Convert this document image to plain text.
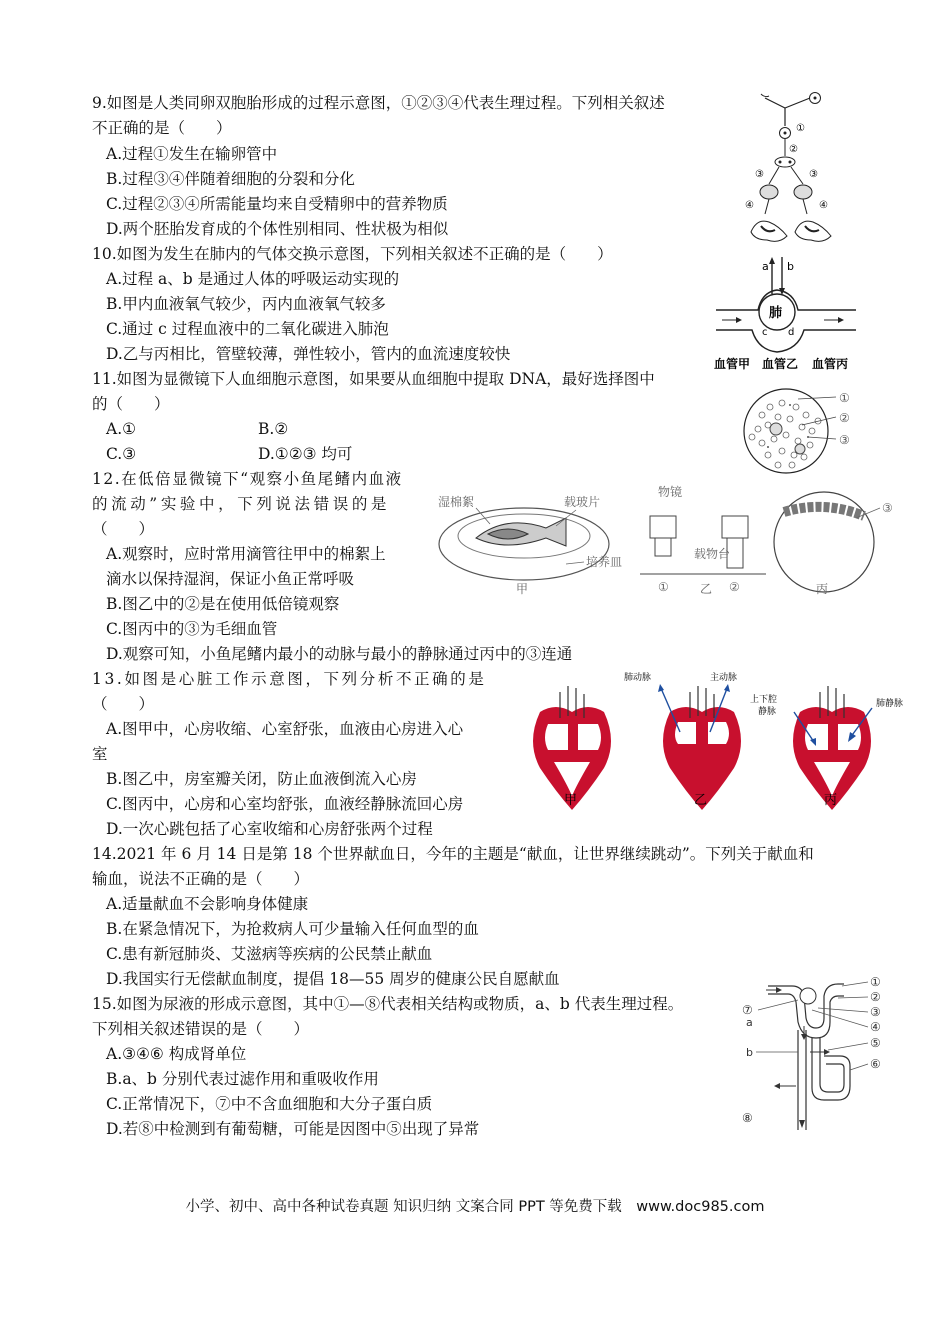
9.如图是人类同卵双胞胎形成的过程示意图，①②③④代表生理过程。下列相关叙述
不正确的是（　　）
A.过程①发生在输卵管中
B.过程③④伴随着细胞的分裂和分化
C.过程②③④所需能量均来自受精卵中的营养物质
D.两个胚胎发育成的个体性别相同、性状极为相似
①
②
③	③
④	④
10.如图为发生在肺内的气体交换示意图，下列相关叙述不正确的是（　　）
A.过程 a、b 是通过人体的呼吸运动实现的
B.甲内血液氧气较少，丙内血液氧气较多
C.通过 c 过程血液中的二氧化碳进入肺泡
D.乙与丙相比，管壁较薄，弹性较小，管内的血流速度较快
a b
肺
c d
血管甲 血管乙 血管丙
11.如图为显微镜下人血细胞示意图，如果要从血细胞中提取 DNA，最好选择图中
的（　　）
A.①	B.②
C.③	D.①②③ 均可
①
②
③
12.在低倍显微镜下“观察小鱼尾鳍内血液
的流动”实验中，下列说法错误的是
（　　）
A.观察时，应时常用滴管往甲中的棉絮上
滴水以保持湿润，保证小鱼正常呼吸
B.图乙中的②是在使用低倍镜观察
C.图丙中的③为毛细血管
D.观察可知，小鱼尾鳍内最小的动脉与最小的静脉通过丙中的③连通
湿棉絮	载玻片
培养皿
甲
物镜
载物台
①	乙 ②	丙
③
13.如图是心脏工作示意图，下列分析不正确的是
（　　）
A.图甲中，心房收缩、心室舒张，血液由心房进入心
室
B.图乙中，房室瓣关闭，防止血液倒流入心房
C.图丙中，心房和心室均舒张，血液经静脉流回心房
D.一次心跳包括了心室收缩和心房舒张两个过程
甲
肺动脉	主动脉
乙
上下腔
静脉
肺静脉
丙
14.2021 年 6 月 14 日是第 18 个世界献血日，今年的主题是“献血，让世界继续跳动”。下列关于献血和
输血，说法不正确的是（　　）
A.适量献血不会影响身体健康
B.在紧急情况下，为抢救病人可少量输入任何血型的血
C.患有新冠肺炎、艾滋病等疾病的公民禁止献血
D.我国实行无偿献血制度，提倡 18—55 周岁的健康公民自愿献血
15.如图为尿液的形成示意图，其中①—⑧代表相关结构或物质，a、b 代表生理过程。
下列相关叙述错误的是（　　）
A.③④⑥ 构成肾单位
B.a、b 分别代表过滤作用和重吸收作用
C.正常情况下，⑦中不含血细胞和大分子蛋白质
D.若⑧中检测到有葡萄糖，可能是因图中⑤出现了异常
①
②
③
④
⑤
⑥
⑦
⑧
a
b
小学、初中、高中各种试卷真题 知识归纳 文案合同 PPT 等免费下载　www.doc985.com
